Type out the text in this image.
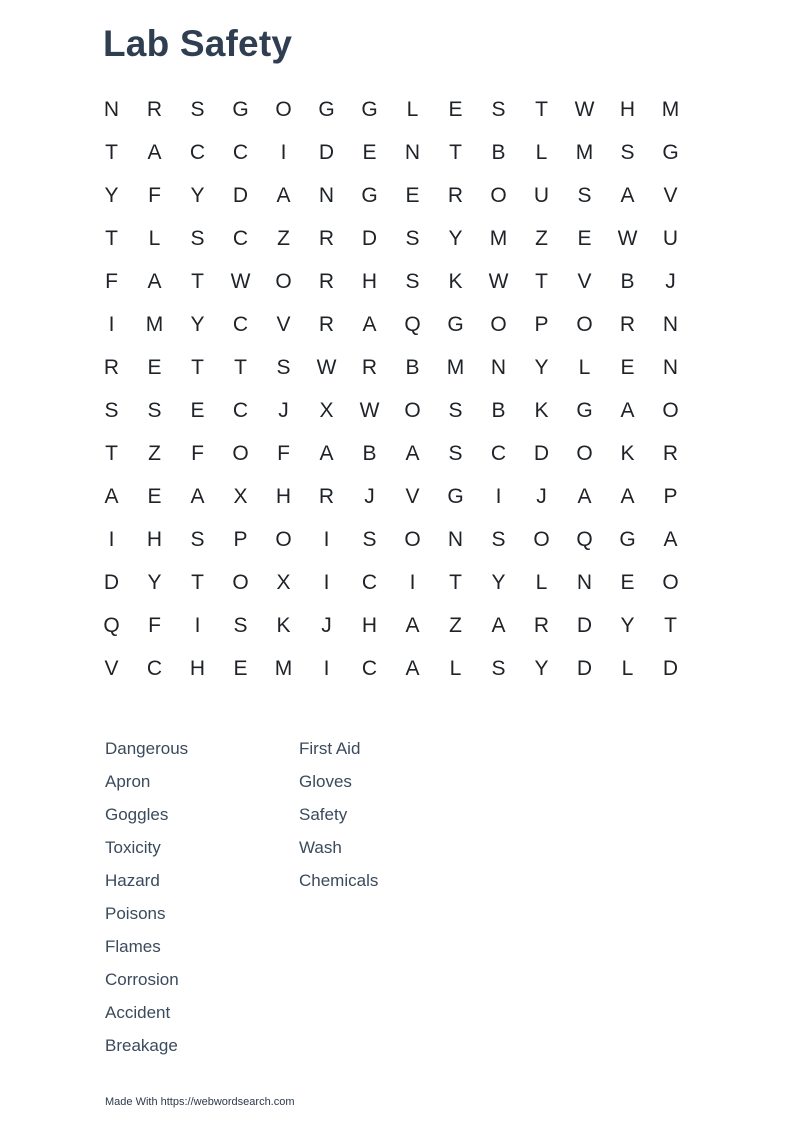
Lab Safety
N	R	S	G	O	G	G	L	E	S	T	W	H	M
T	A	C	C	I	D	E	N	T	B	L	M	S	G
Y	F	Y	D	A	N	G	E	R	O	U	S	A	V
T	L	S	C	Z	R	D	S	Y	M	Z	E	W	U
F	A	T	W	O	R	H	S	K	W	T	V	B	J
I	M	Y	C	V	R	A	Q	G	O	P	O	R	N
R	E	T	T	S	W	R	B	M	N	Y	L	E	N
S	S	E	C	J	X	W	O	S	B	K	G	A	O
T	Z	F	O	F	A	B	A	S	C	D	O	K	R
A	E	A	X	H	R	J	V	G	I	J	A	A	P
I	H	S	P	O	I	S	O	N	S	O	Q	G	A
D	Y	T	O	X	I	C	I	T	Y	L	N	E	O
Q	F	I	S	K	J	H	A	Z	A	R	D	Y	T
V	C	H	E	M	I	C	A	L	S	Y	D	L	D
Dangerous
Apron
Goggles
Toxicity
Hazard
Poisons
Flames
Corrosion
Accident
Breakage
First Aid
Gloves
Safety
Wash
Chemicals
Made With https://webwordsearch.com
